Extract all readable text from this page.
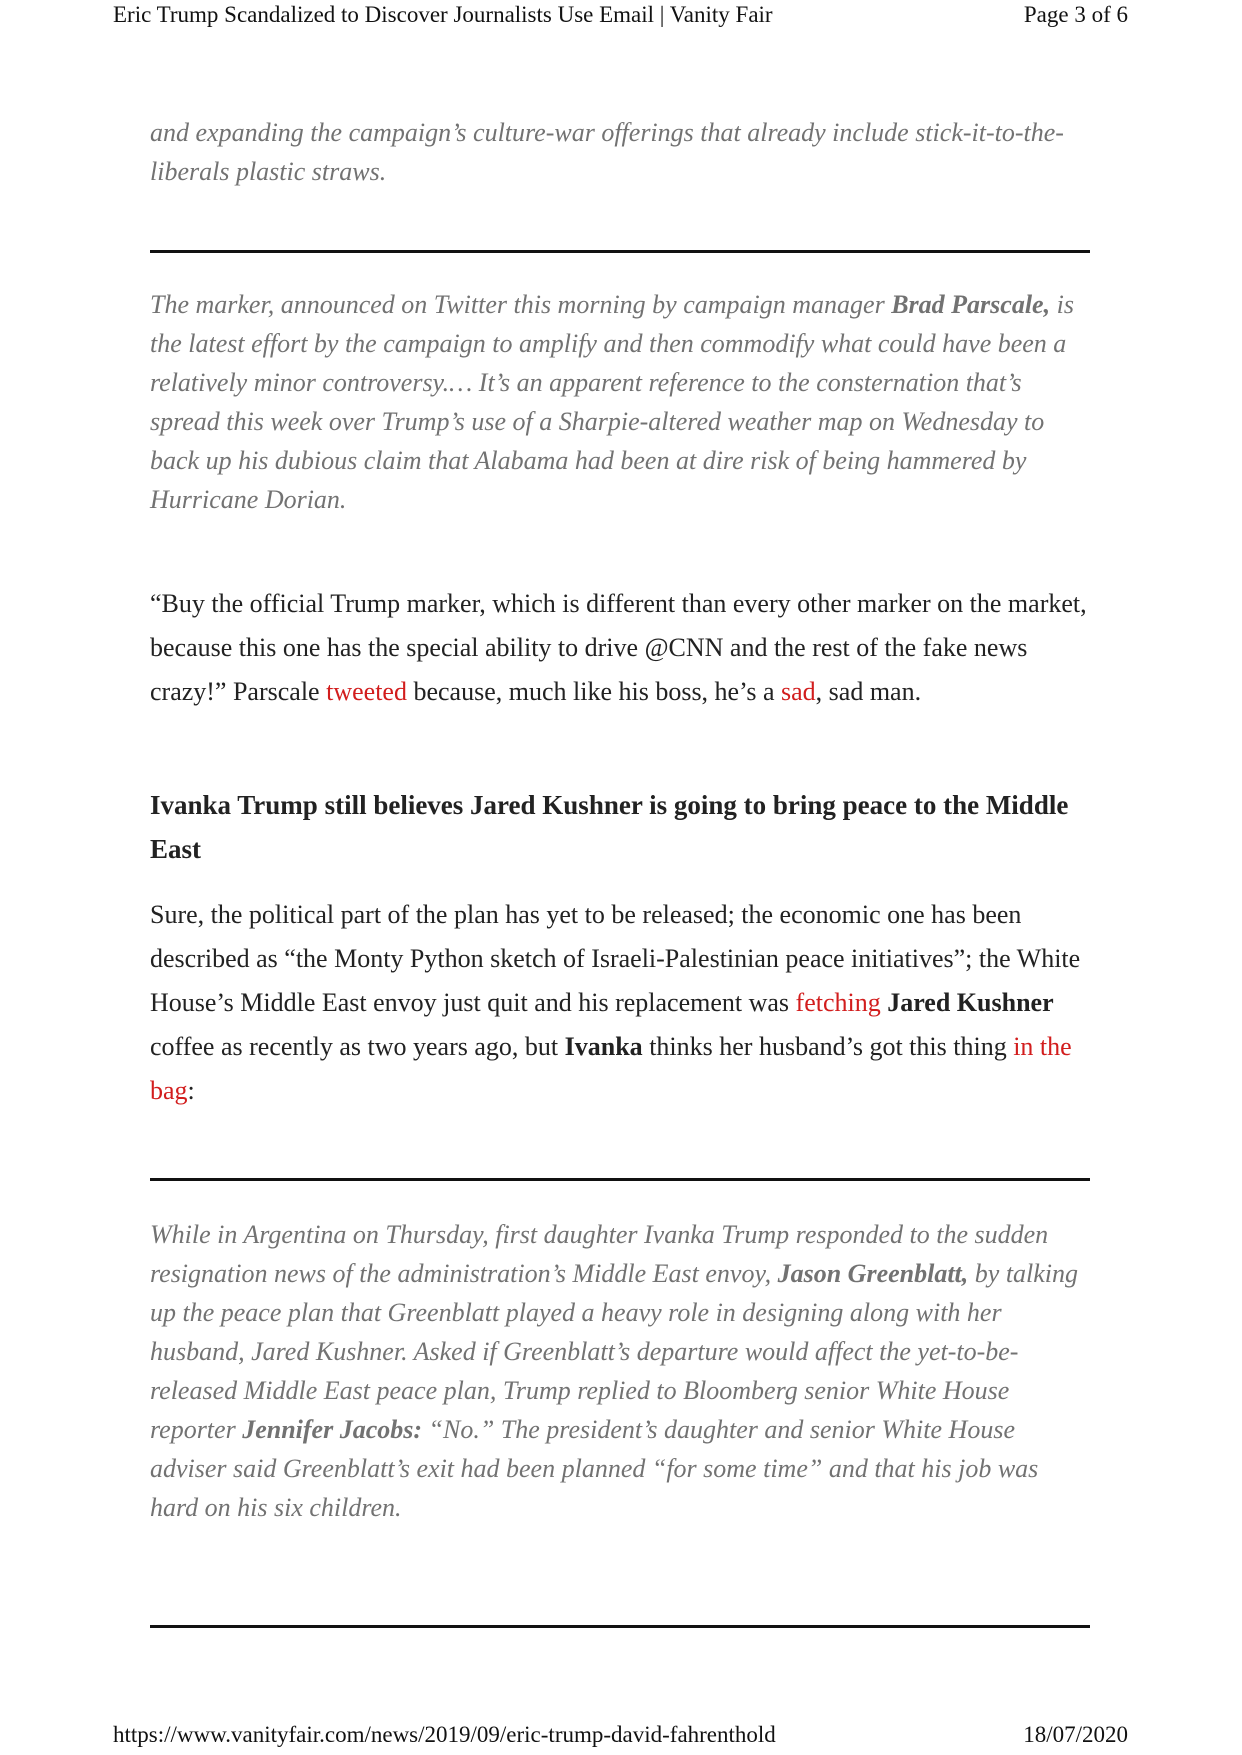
Eric Trump Scandalized to Discover Journalists Use Email | Vanity Fair	Page 3 of 6

and expanding the campaign’s culture-war offerings that already include stick-it-to-the-liberals plastic straws.

The marker, announced on Twitter this morning by campaign manager Brad Parscale, is the latest effort by the campaign to amplify and then commodify what could have been a relatively minor controversy.… It’s an apparent reference to the consternation that’s spread this week over Trump’s use of a Sharpie-altered weather map on Wednesday to back up his dubious claim that Alabama had been at dire risk of being hammered by Hurricane Dorian.

“Buy the official Trump marker, which is different than every other marker on the market, because this one has the special ability to drive @CNN and the rest of the fake news crazy!” Parscale tweeted because, much like his boss, he’s a sad, sad man.

Ivanka Trump still believes Jared Kushner is going to bring peace to the Middle East

Sure, the political part of the plan has yet to be released; the economic one has been described as “the Monty Python sketch of Israeli-Palestinian peace initiatives”; the White House’s Middle East envoy just quit and his replacement was fetching Jared Kushner coffee as recently as two years ago, but Ivanka thinks her husband’s got this thing in the bag:

While in Argentina on Thursday, first daughter Ivanka Trump responded to the sudden resignation news of the administration’s Middle East envoy, Jason Greenblatt, by talking up the peace plan that Greenblatt played a heavy role in designing along with her husband, Jared Kushner. Asked if Greenblatt’s departure would affect the yet-to-be-released Middle East peace plan, Trump replied to Bloomberg senior White House reporter Jennifer Jacobs: “No.” The president’s daughter and senior White House adviser said Greenblatt’s exit had been planned “for some time” and that his job was hard on his six children.

https://www.vanityfair.com/news/2019/09/eric-trump-david-fahrenthold	18/07/2020
